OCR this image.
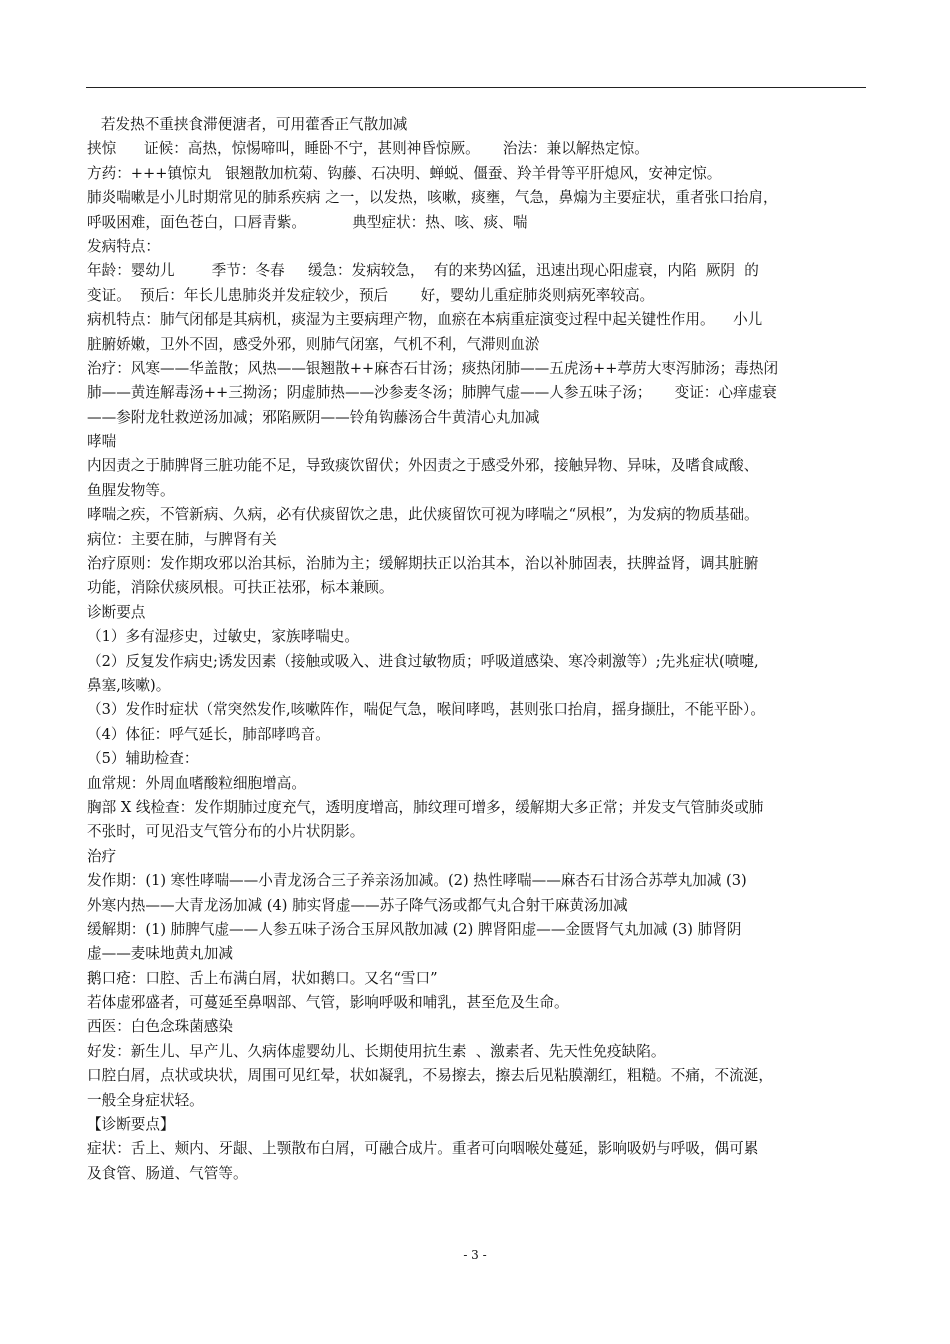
若发热不重挟食滞便溏者，可用藿香正气散加减
挟惊      证候：高热，惊惕啼叫，睡卧不宁，甚则神昏惊厥。     治法：兼以解热定惊。
方药：+++镇惊丸   银翘散加杭菊、钩藤、石决明、蝉蜕、僵蚕、羚羊骨等平肝熄风，安神定惊。
肺炎喘嗽是小儿时期常见的肺系疾病 之一，以发热，咳嗽，痰壅，气急，鼻煽为主要症状，重者张口抬肩，
呼吸困难，面色苍白，口唇青紫。          典型症状：热、咳、痰、喘
发病特点：
年龄：婴幼儿        季节：冬春     缓急：发病较急，  有的来势凶猛，迅速出现心阳虚衰，内陷  厥阴  的
变证。  预后：年长儿患肺炎并发症较少，预后       好，婴幼儿重症肺炎则病死率较高。
病机特点：肺气闭郁是其病机，痰湿为主要病理产物，血瘀在本病重症演变过程中起关键性作用。    小儿
脏腑娇嫩，卫外不固，感受外邪，则肺气闭塞，气机不利，气滞则血淤
治疗：风寒——华盖散；风热——银翘散++麻杏石甘汤；痰热闭肺——五虎汤++葶苈大枣泻肺汤；毒热闭
肺——黄连解毒汤++三拗汤；阴虚肺热——沙参麦冬汤；肺脾气虚——人参五味子汤；     变证：心痒虚衰
——参附龙牡救逆汤加减；邪陷厥阴——铃角钩藤汤合牛黄清心丸加减
哮喘
内因责之于肺脾肾三脏功能不足，导致痰饮留伏；外因责之于感受外邪，接触异物、异味，及嗜食咸酸、
鱼腥发物等。
哮喘之疾，不管新病、久病，必有伏痰留饮之患，此伏痰留饮可视为哮喘之“夙根”，为发病的物质基础。
病位：主要在肺，与脾肾有关
治疗原则：发作期攻邪以治其标，治肺为主；缓解期扶正以治其本，治以补肺固表，扶脾益肾，调其脏腑
功能，消除伏痰夙根。可扶正祛邪，标本兼顾。
诊断要点
（1）多有湿疹史，过敏史，家族哮喘史。
（2）反复发作病史;诱发因素（接触或吸入、进食过敏物质；呼吸道感染、寒冷刺激等）;先兆症状(喷嚏,
鼻塞,咳嗽)。
（3）发作时症状（常突然发作,咳嗽阵作，喘促气急，喉间哮鸣，甚则张口抬肩，摇身撷肚，不能平卧）。
（4）体征：呼气延长，肺部哮鸣音。
（5）辅助检查：
血常规：外周血嗜酸粒细胞增高。
胸部 X 线检查：发作期肺过度充气，透明度增高，肺纹理可增多，缓解期大多正常；并发支气管肺炎或肺
不张时，可见沿支气管分布的小片状阴影。
治疗
发作期：(1) 寒性哮喘——小青龙汤合三子养亲汤加减。(2) 热性哮喘——麻杏石甘汤合苏葶丸加减 (3)
外寒内热——大青龙汤加减 (4) 肺实肾虚——苏子降气汤或都气丸合射干麻黄汤加减
缓解期：(1) 肺脾气虚——人参五味子汤合玉屏风散加减 (2) 脾肾阳虚——金匮肾气丸加减 (3) 肺肾阴
虚——麦味地黄丸加减
鹅口疮：口腔、舌上布满白屑，状如鹅口。又名“雪口”
若体虚邪盛者，可蔓延至鼻咽部、气管，影响呼吸和哺乳，甚至危及生命。
西医：白色念珠菌感染
好发：新生儿、早产儿、久病体虚婴幼儿、长期使用抗生素  、激素者、先天性免疫缺陷。
口腔白屑，点状或块状，周围可见红晕，状如凝乳，不易擦去，擦去后见粘膜潮红，粗糙。不痛，不流涎，
一般全身症状轻。
【诊断要点】
症状：舌上、颊内、牙龈、上颚散布白屑，可融合成片。重者可向咽喉处蔓延，影响吸奶与呼吸，偶可累
及食管、肠道、气管等。
- 3 -
